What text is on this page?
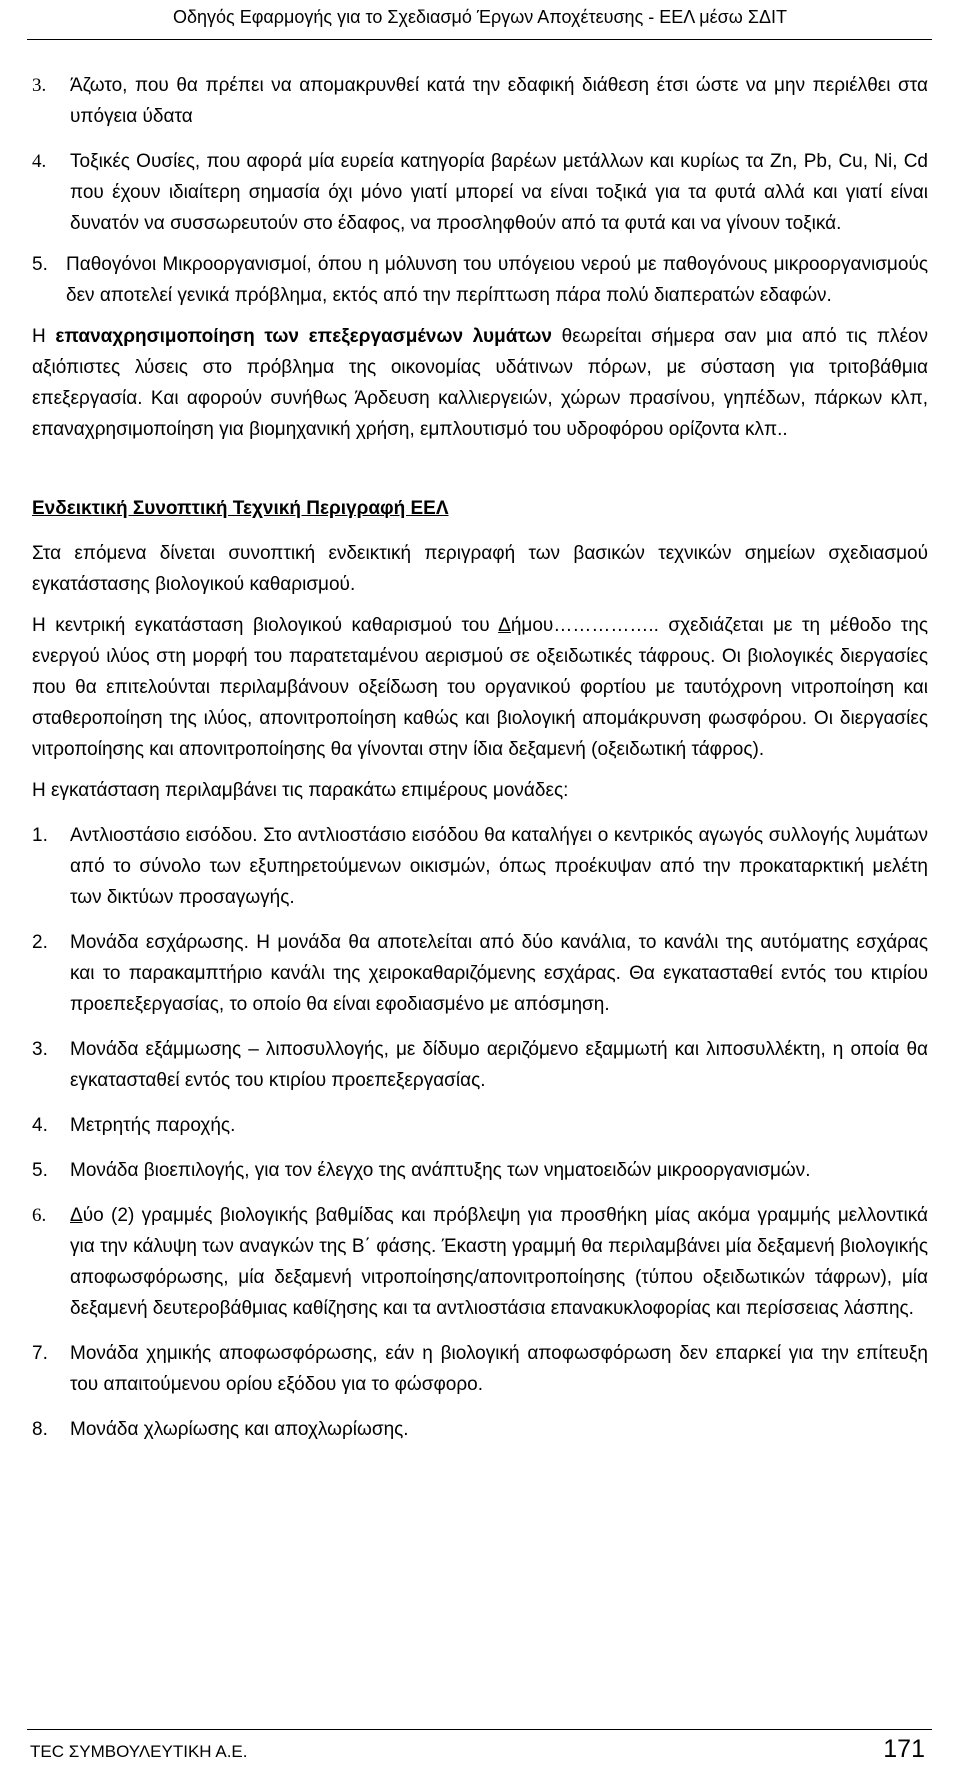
Οδηγός Εφαρμογής για το Σχεδιασμό Έργων Αποχέτευσης - ΕΕΛ μέσω ΣΔΙΤ
3.	Άζωτο, που θα πρέπει να απομακρυνθεί κατά την εδαφική διάθεση έτσι ώστε να μην περιέλθει στα υπόγεια ύδατα
4.	Τοξικές Ουσίες, που αφορά μία ευρεία κατηγορία βαρέων μετάλλων και κυρίως τα Zn, Pb, Cu, Ni, Cd που έχουν ιδιαίτερη σημασία όχι μόνο γιατί μπορεί να είναι τοξικά για τα φυτά αλλά και γιατί είναι δυνατόν να συσσωρευτούν στο έδαφος, να προσληφθούν από τα φυτά και να γίνουν τοξικά.
5. Παθογόνοι Μικροοργανισμοί, όπου η μόλυνση του υπόγειου νερού με παθογόνους μικροοργανισμούς δεν αποτελεί γενικά πρόβλημα, εκτός από την περίπτωση πάρα πολύ διαπερατών εδαφών.

Η επαναχρησιμοποίηση των επεξεργασμένων λυμάτων θεωρείται σήμερα σαν μια από τις πλέον αξιόπιστες λύσεις στο πρόβλημα της οικονομίας υδάτινων πόρων, με σύσταση για τριτοβάθμια επεξεργασία. Και αφορούν συνήθως Άρδευση καλλιεργειών, χώρων πρασίνου, γηπέδων, πάρκων κλπ, επαναχρησιμοποίηση για βιομηχανική χρήση, εμπλουτισμό του υδροφόρου ορίζοντα κλπ..

Ενδεικτική Συνοπτική Τεχνική Περιγραφή ΕΕΛ

Στα επόμενα δίνεται συνοπτική ενδεικτική περιγραφή των βασικών τεχνικών σημείων σχεδιασμού εγκατάστασης βιολογικού καθαρισμού.

Η κεντρική εγκατάσταση βιολογικού καθαρισμού του Δήμου…………….. σχεδιάζεται με τη μέθοδο της ενεργού ιλύος στη μορφή του παρατεταμένου αερισμού σε οξειδωτικές τάφρους. Οι βιολογικές διεργασίες που θα επιτελούνται περιλαμβάνουν οξείδωση του οργανικού φορτίου με ταυτόχρονη νιτροποίηση και σταθεροποίηση της ιλύος, απονιτροποίηση καθώς και βιολογική απομάκρυνση φωσφόρου. Οι διεργασίες νιτροποίησης και απονιτροποίησης θα γίνονται στην ίδια δεξαμενή (οξειδωτική τάφρος).

Η εγκατάσταση περιλαμβάνει τις παρακάτω επιμέρους μονάδες:

1.	Αντλιοστάσιο εισόδου. Στο αντλιοστάσιο εισόδου θα καταλήγει ο κεντρικός αγωγός συλλογής λυμάτων από το σύνολο των εξυπηρετούμενων οικισμών, όπως προέκυψαν από την προκαταρκτική μελέτη των δικτύων προσαγωγής.
2.	Μονάδα εσχάρωσης. Η μονάδα θα αποτελείται από δύο κανάλια, το κανάλι της αυτόματης εσχάρας και το παρακαμπτήριο κανάλι της χειροκαθαριζόμενης εσχάρας. Θα εγκατασταθεί εντός του κτιρίου προεπεξεργασίας, το οποίο θα είναι εφοδιασμένο με απόσμηση.
3.	Μονάδα εξάμμωσης – λιποσυλλογής, με δίδυμο αεριζόμενο εξαμμωτή και λιποσυλλέκτη, η οποία θα εγκατασταθεί εντός του κτιρίου προεπεξεργασίας.
4.	Μετρητής παροχής.
5.	Μονάδα βιοεπιλογής, για τον έλεγχο της ανάπτυξης των νηματοειδών μικροοργανισμών.
6.	Δύο (2) γραμμές βιολογικής βαθμίδας και πρόβλεψη για προσθήκη μίας ακόμα γραμμής μελλοντικά για την κάλυψη των αναγκών της Β΄ φάσης. Έκαστη γραμμή θα περιλαμβάνει μία δεξαμενή βιολογικής αποφωσφόρωσης, μία δεξαμενή νιτροποίησης/απονιτροποίησης (τύπου οξειδωτικών τάφρων), μία δεξαμενή δευτεροβάθμιας καθίζησης και τα αντλιοστάσια επανακυκλοφορίας και περίσσειας λάσπης.
7.	Μονάδα χημικής αποφωσφόρωσης, εάν η βιολογική αποφωσφόρωση δεν επαρκεί για την επίτευξη του απαιτούμενου ορίου εξόδου για το φώσφορο.
8.	Μονάδα χλωρίωσης και αποχλωρίωσης.
TEC ΣΥΜΒΟΥΛΕΥΤΙΚΗ Α.Ε.	171
